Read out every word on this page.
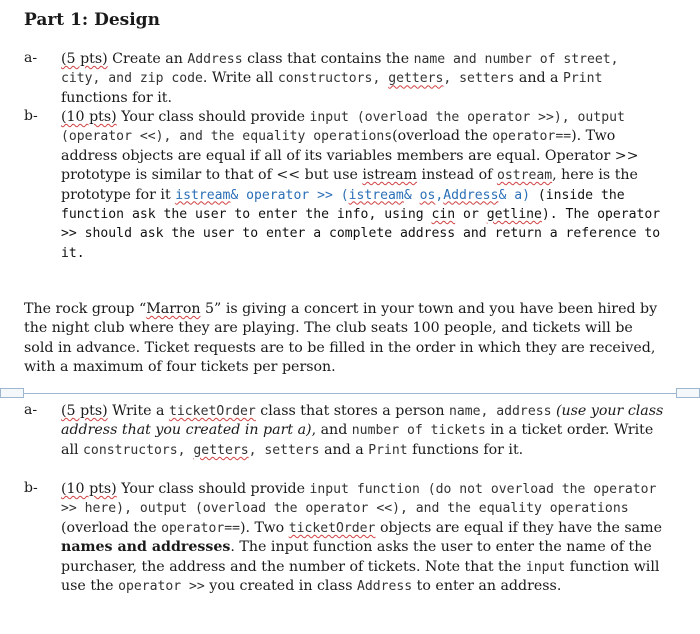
Part 1: Design
a- (5 pts) Create an Address class that contains the name and number of street, city, and zip code. Write all constructors, getters, setters and a Print functions for it.
b- (10 pts) Your class should provide input (overload the operator >>), output (operator <<), and the equality operations(overload the operator==). Two address objects are equal if all of its variables members are equal. Operator >> prototype is similar to that of << but use istream instead of ostream, here is the prototype for it istream& operator >> (istream& os,Address& a) (inside the function ask the user to enter the info, using cin or getline). The operator >> should ask the user to enter a complete address and return a reference to it.
The rock group “Marron 5” is giving a concert in your town and you have been hired by the night club where they are playing. The club seats 100 people, and tickets will be sold in advance. Ticket requests are to be filled in the order in which they are received, with a maximum of four tickets per person.
a- (5 pts) Write a ticketOrder class that stores a person name, address (use your class address that you created in part a), and number of tickets in a ticket order. Write all constructors, getters, setters and a Print functions for it.
b- (10 pts) Your class should provide input function (do not overload the operator >> here), output (overload the operator <<), and the equality operations (overload the operator==). Two ticketOrder objects are equal if they have the same names and addresses. The input function asks the user to enter the name of the purchaser, the address and the number of tickets. Note that the input function will use the operator >> you created in class Address to enter an address.
